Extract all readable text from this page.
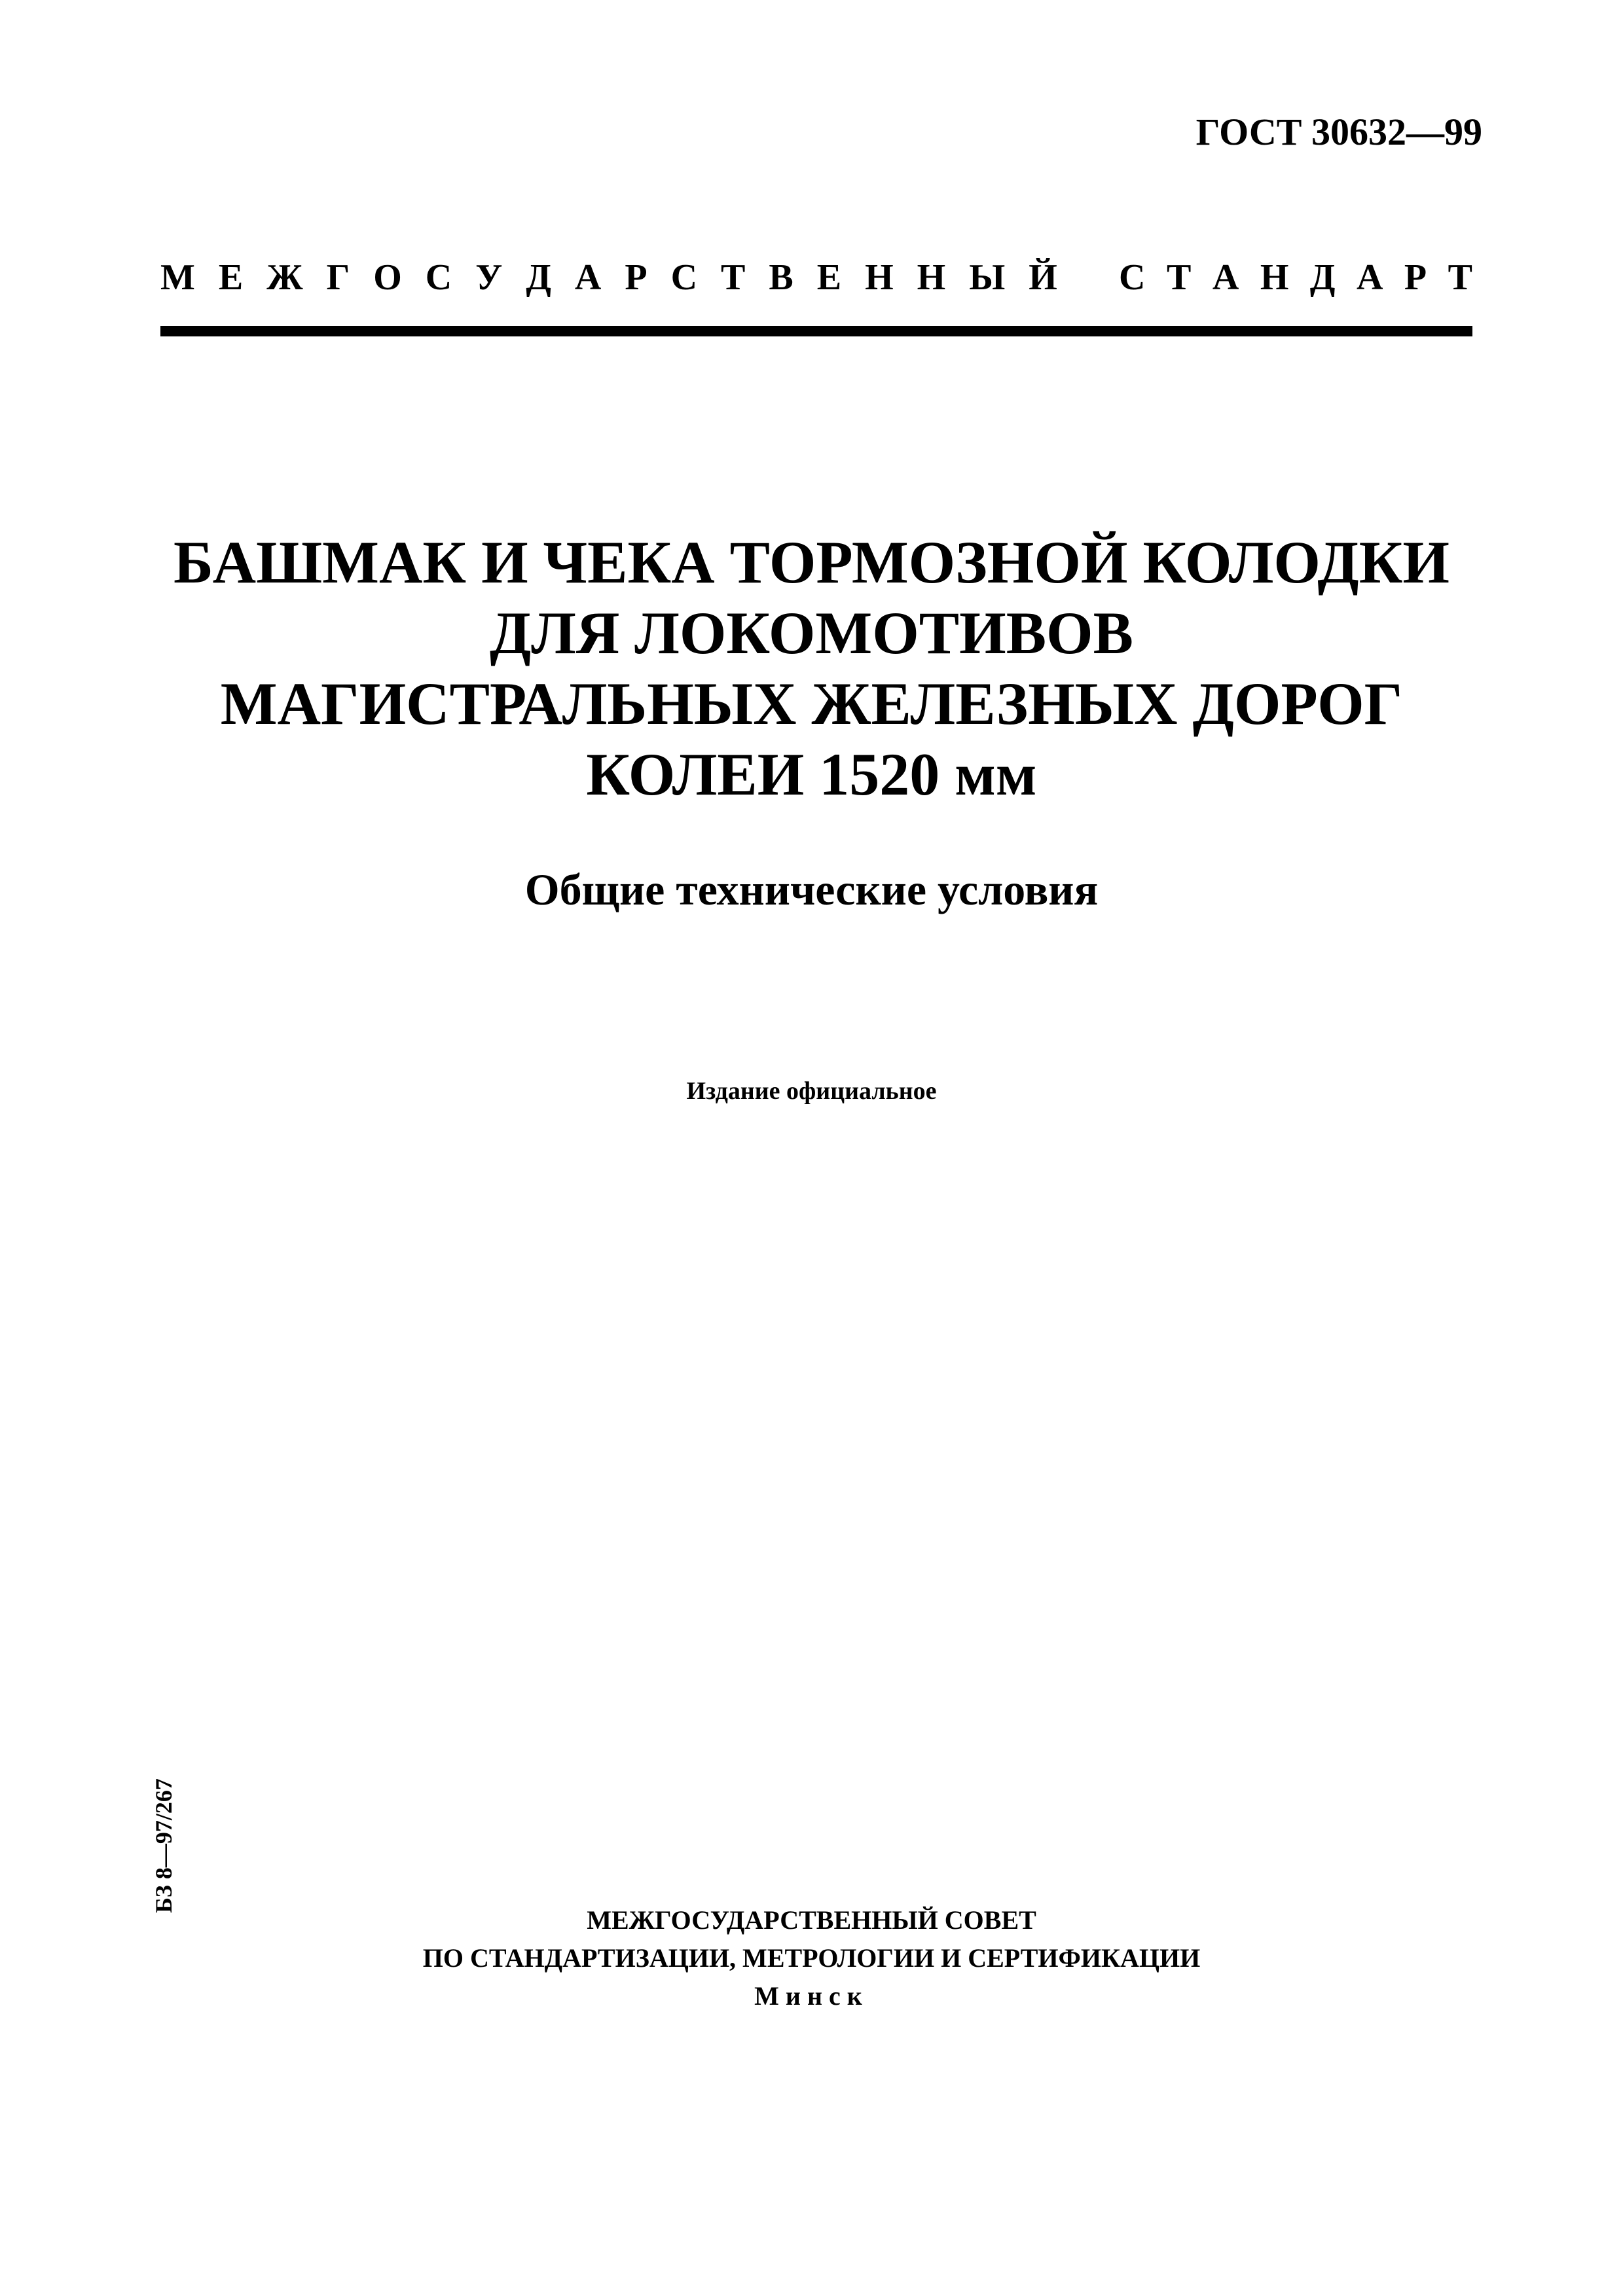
ГОСТ 30632—99
М Е Ж Г О С У Д А Р С Т В Е Н Н Ы Й С Т А Н Д А Р Т
БАШМАК И ЧЕКА ТОРМОЗНОЙ КОЛОДКИ
ДЛЯ ЛОКОМОТИВОВ
МАГИСТРАЛЬНЫХ ЖЕЛЕЗНЫХ ДОРОГ
КОЛЕИ 1520 мм
Общие технические условия
Издание официальное
БЗ 8—97/267
МЕЖГОСУДАРСТВЕННЫЙ СОВЕТ
ПО СТАНДАРТИЗАЦИИ, МЕТРОЛОГИИ И СЕРТИФИКАЦИИ
Минск
